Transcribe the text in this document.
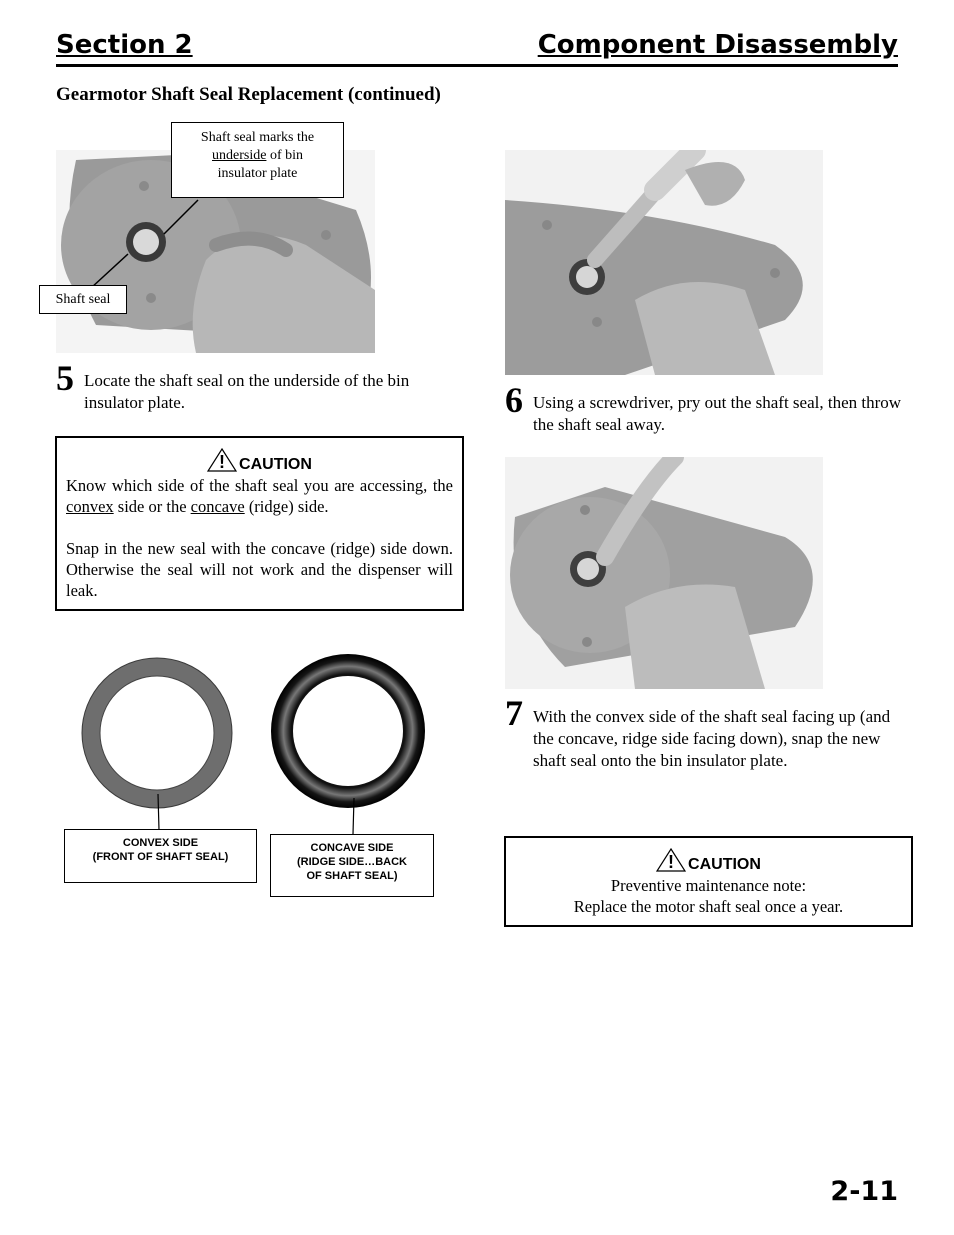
Section 2	Component Disassembly
Gearmotor Shaft Seal Replacement (continued)
Shaft seal marks the
underside of bin
insulator plate
Shaft seal
5 Locate the shaft seal on the underside of the bin insulator plate.
! CAUTION
Know which side of the shaft seal you are accessing, the convex side or the concave (ridge) side.
Snap in the new seal with the concave (ridge) side down. Otherwise the seal will not work and the dispenser will leak.
CONVEX SIDE
(FRONT OF SHAFT SEAL)
CONCAVE SIDE
(RIDGE SIDE…BACK
OF SHAFT SEAL)
6 Using a screwdriver, pry out the shaft seal, then throw the shaft seal away.
7 With the convex side of the shaft seal facing up (and the concave, ridge side facing down), snap the new shaft seal onto the bin insulator plate.
! CAUTION
Preventive maintenance note:
Replace the motor shaft seal once a year.
2-11
